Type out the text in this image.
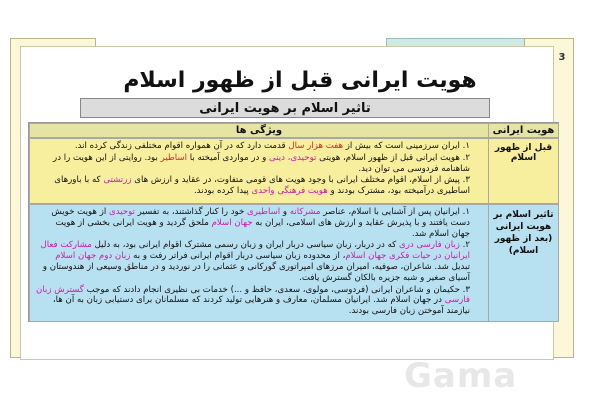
3
هویت ایرانی قبل از ظهور اسلام
تاثیر اسلام بر هویت ایرانی
ویژگی ها	هویت ایرانی
۱. ایران سرزمینی است که بیش از هفت هزار سال قدمت دارد که در آن همواره اقوام مختلفی زندگی کرده اند.
۲. هویت ایرانی قبل از ظهور اسلام، هویتی توحیدی، دینی و در مواردی آمیخته با اساطیر بود. روایتی از این هویت را در شاهنامه فردوسی می توان دید.
۳. پیش از اسلام، اقوام مختلف ایرانی با وجود هویت های قومی متفاوت، در عقاید و ارزش های زرتشتی که با باورهای اساطیری درآمیخته بود، مشترک بودند و هویت فرهنگی واحدی پیدا کرده بودند.
قبل از ظهور اسلام
۱. ایرانیان پس از آشنایی با اسلام، عناصر مشرکانه و اساطیری خود را کنار گذاشتند، به تفسیر توحیدی از هویت خویش دست یافتند و با پذیرش عقاید و ارزش های اسلامی، ایران به جهان اسلام ملحق گردید و هویت ایرانی بخشی از هویت جهان اسلام شد.
۲. زبان فارسی دری که در دربار، زبان سیاسی دربار ایران و زبان رسمی مشترک اقوام ایرانی بود، به دلیل مشارکت فعال ایرانیان در حیات فکری جهان اسلام، از محدوده زبان سیاسی دربار اقوام ایرانی فراتر رفت و به زبان دوم جهان اسلام تبدیل شد. شاعران، صوفیه، امیران مرزهای امپراتوری گورکانی و عثمانی را در نوردید و در مناطق وسیعی از هندوستان و آسیای صغیر و شبه جزیره بالکان گسترش یافت.
۳. حکیمان و شاعران ایرانی (فردوسی، مولوی، سعدی، حافظ و ...) خدمات بی نظیری انجام دادند که موجب گسترش زبان فارسی در جهان اسلام شد. ایرانیان مسلمان، معارف و هنرهایی تولید کردند که مسلمانان برای دستیابی زبان به آن ها، نیازمند آموختن زبان فارسی بودند.
تاثیر اسلام بر هویت ایرانی (بعد از ظهور اسلام)
Gama
